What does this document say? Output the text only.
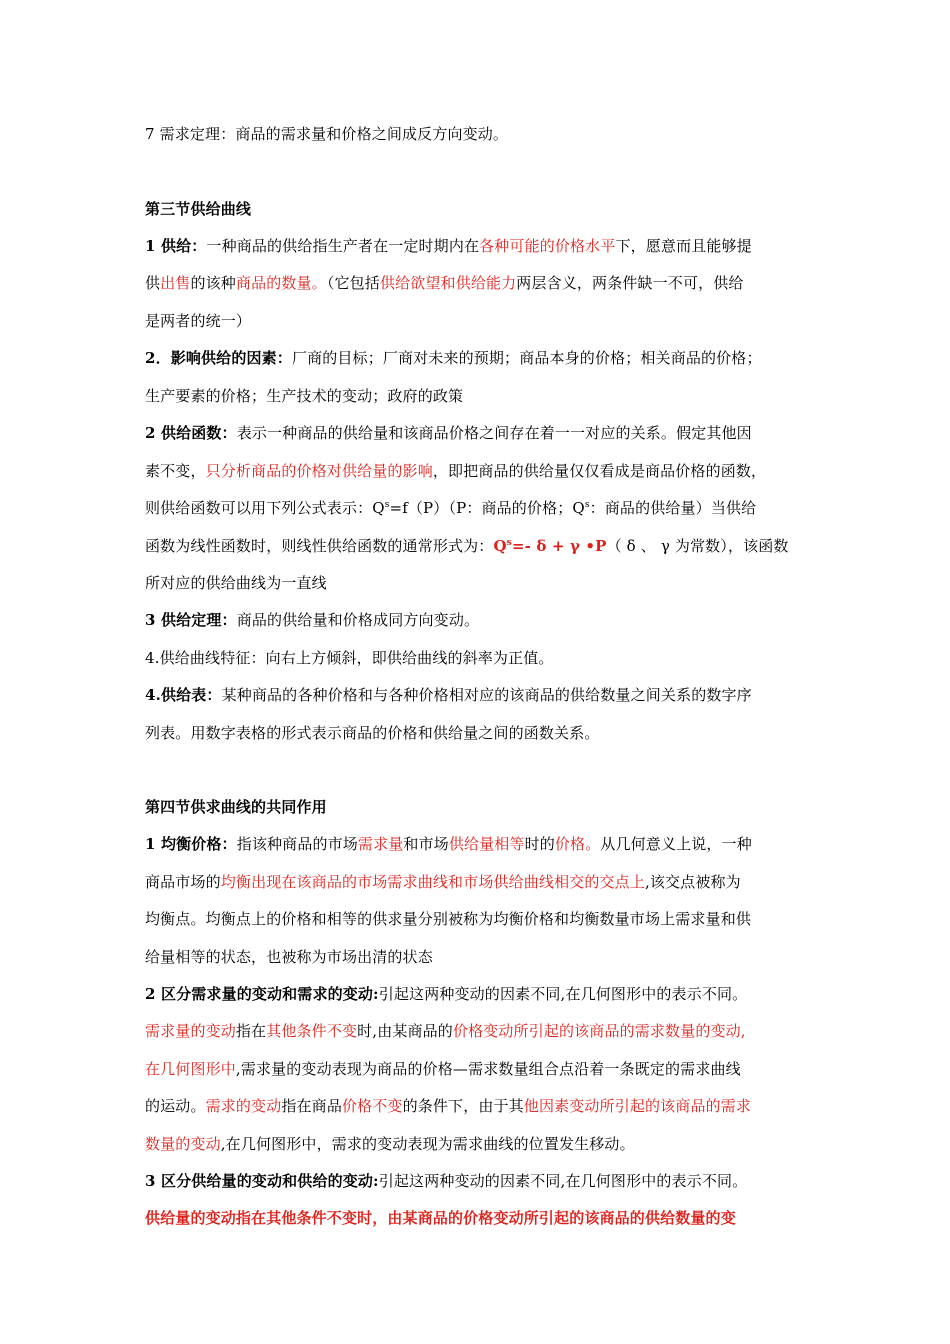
7 需求定理：商品的需求量和价格之间成反方向变动。
第三节供给曲线
1 供给：一种商品的供给指生产者在一定时期内在各种可能的价格水平下，愿意而且能够提
供出售的该种商品的数量。（它包括供给欲望和供给能力两层含义，两条件缺一不可，供给
是两者的统一）
2．影响供给的因素：厂商的目标；厂商对未来的预期；商品本身的价格；相关商品的价格；
生产要素的价格；生产技术的变动；政府的政策
2 供给函数：表示一种商品的供给量和该商品价格之间存在着一一对应的关系。假定其他因
素不变，只分析商品的价格对供给量的影响，即把商品的供给量仅仅看成是商品价格的函数，
则供给函数可以用下列公式表示：$Q^s=f(P)(P$：商品的价格；$Q^s$：商品的供给量）当供给
函数为线性函数时，则线性供给函数的通常形式为：$Q^s=-$ δ + γ •P（ δ 、 γ 为常数），该函数
所对应的供给曲线为一直线
3 供给定理：商品的供给量和价格成同方向变动。
4.供给曲线特征：向右上方倾斜，即供给曲线的斜率为正值。
4.供给表：某种商品的各种价格和与各种价格相对应的该商品的供给数量之间关系的数字序
列表。用数字表格的形式表示商品的价格和供给量之间的函数关系。
第四节供求曲线的共同作用
1 均衡价格：指该种商品的市场需求量和市场供给量相等时的价格。从几何意义上说，一种
商品市场的均衡出现在该商品的市场需求曲线和市场供给曲线相交的交点上,该交点被称为
均衡点。均衡点上的价格和相等的供求量分别被称为均衡价格和均衡数量市场上需求量和供
给量相等的状态，也被称为市场出清的状态
2 区分需求量的变动和需求的变动:引起这两种变动的因素不同,在几何图形中的表示不同。
需求量的变动指在其他条件不变时,由某商品的价格变动所引起的该商品的需求数量的变动,
在几何图形中,需求量的变动表现为商品的价格—需求数量组合点沿着一条既定的需求曲线
的运动。需求的变动指在商品价格不变的条件下，由于其他因素变动所引起的该商品的需求
数量的变动,在几何图形中，需求的变动表现为需求曲线的位置发生移动。
3 区分供给量的变动和供给的变动:引起这两种变动的因素不同,在几何图形中的表示不同。
供给量的变动指在其他条件不变时，由某商品的价格变动所引起的该商品的供给数量的变
